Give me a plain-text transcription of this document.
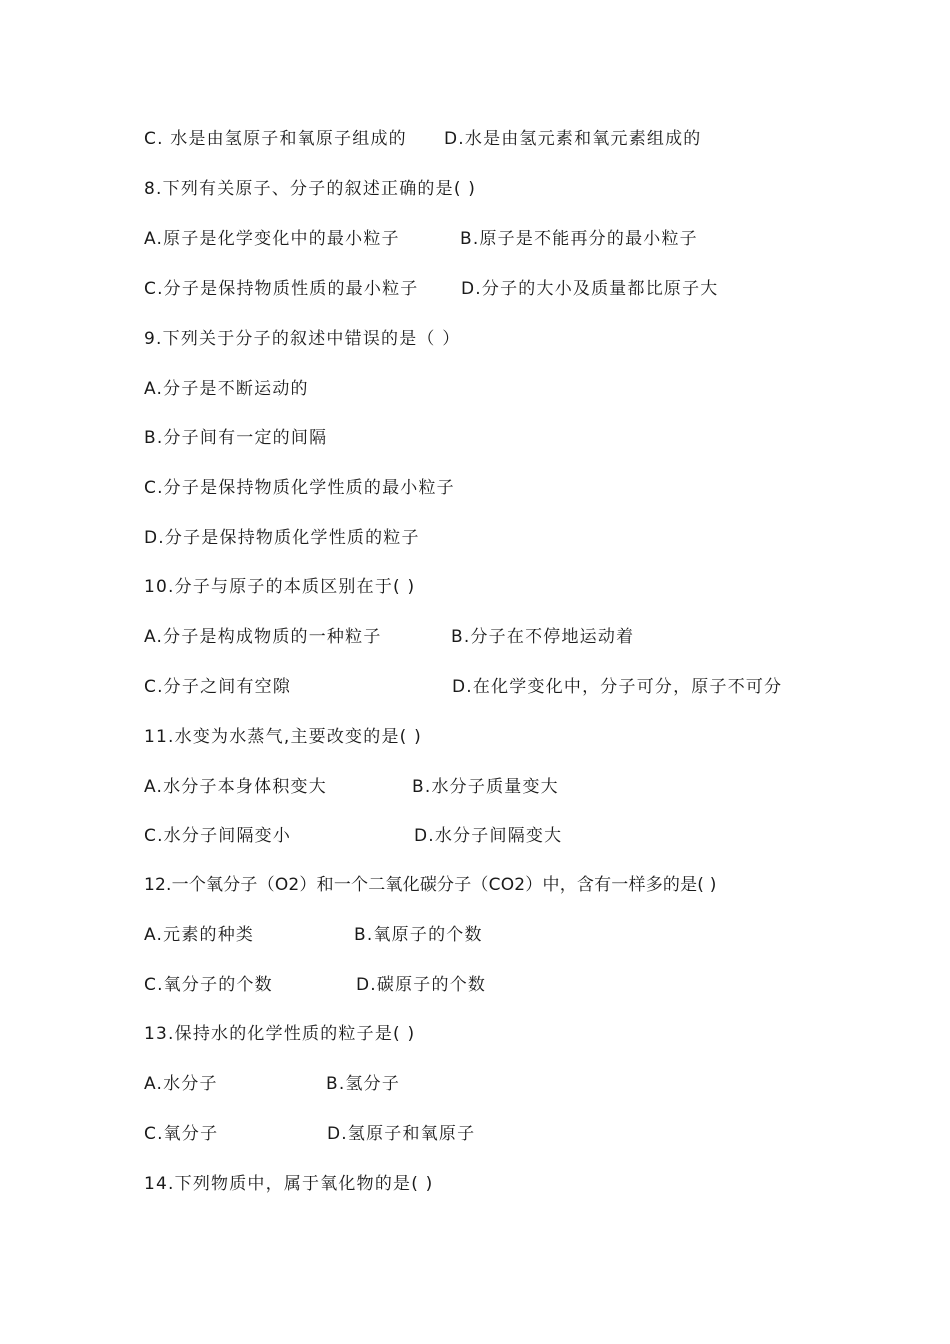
C. 水是由氢原子和氧原子组成的 D.水是由氢元素和氧元素组成的
8.下列有关原子、分子的叙述正确的是( )
A.原子是化学变化中的最小粒子	B.原子是不能再分的最小粒子
C.分子是保持物质性质的最小粒子	D.分子的大小及质量都比原子大
9.下列关于分子的叙述中错误的是（ ）
A.分子是不断运动的
B.分子间有一定的间隔
C.分子是保持物质化学性质的最小粒子
D.分子是保持物质化学性质的粒子
10.分子与原子的本质区别在于( )
A.分子是构成物质的一种粒子	B.分子在不停地运动着
C.分子之间有空隙	D.在化学变化中，分子可分，原子不可分
11.水变为水蒸气,主要改变的是( )
A.水分子本身体积变大	B.水分子质量变大
C.水分子间隔变小	D.水分子间隔变大
12.一个氧分子（O2）和一个二氧化碳分子（CO2）中，含有一样多的是( )
A.元素的种类	B.氧原子的个数
C.氧分子的个数	D.碳原子的个数
13.保持水的化学性质的粒子是( )
A.水分子	B.氢分子
C.氧分子	D.氢原子和氧原子
14.下列物质中，属于氧化物的是( )
